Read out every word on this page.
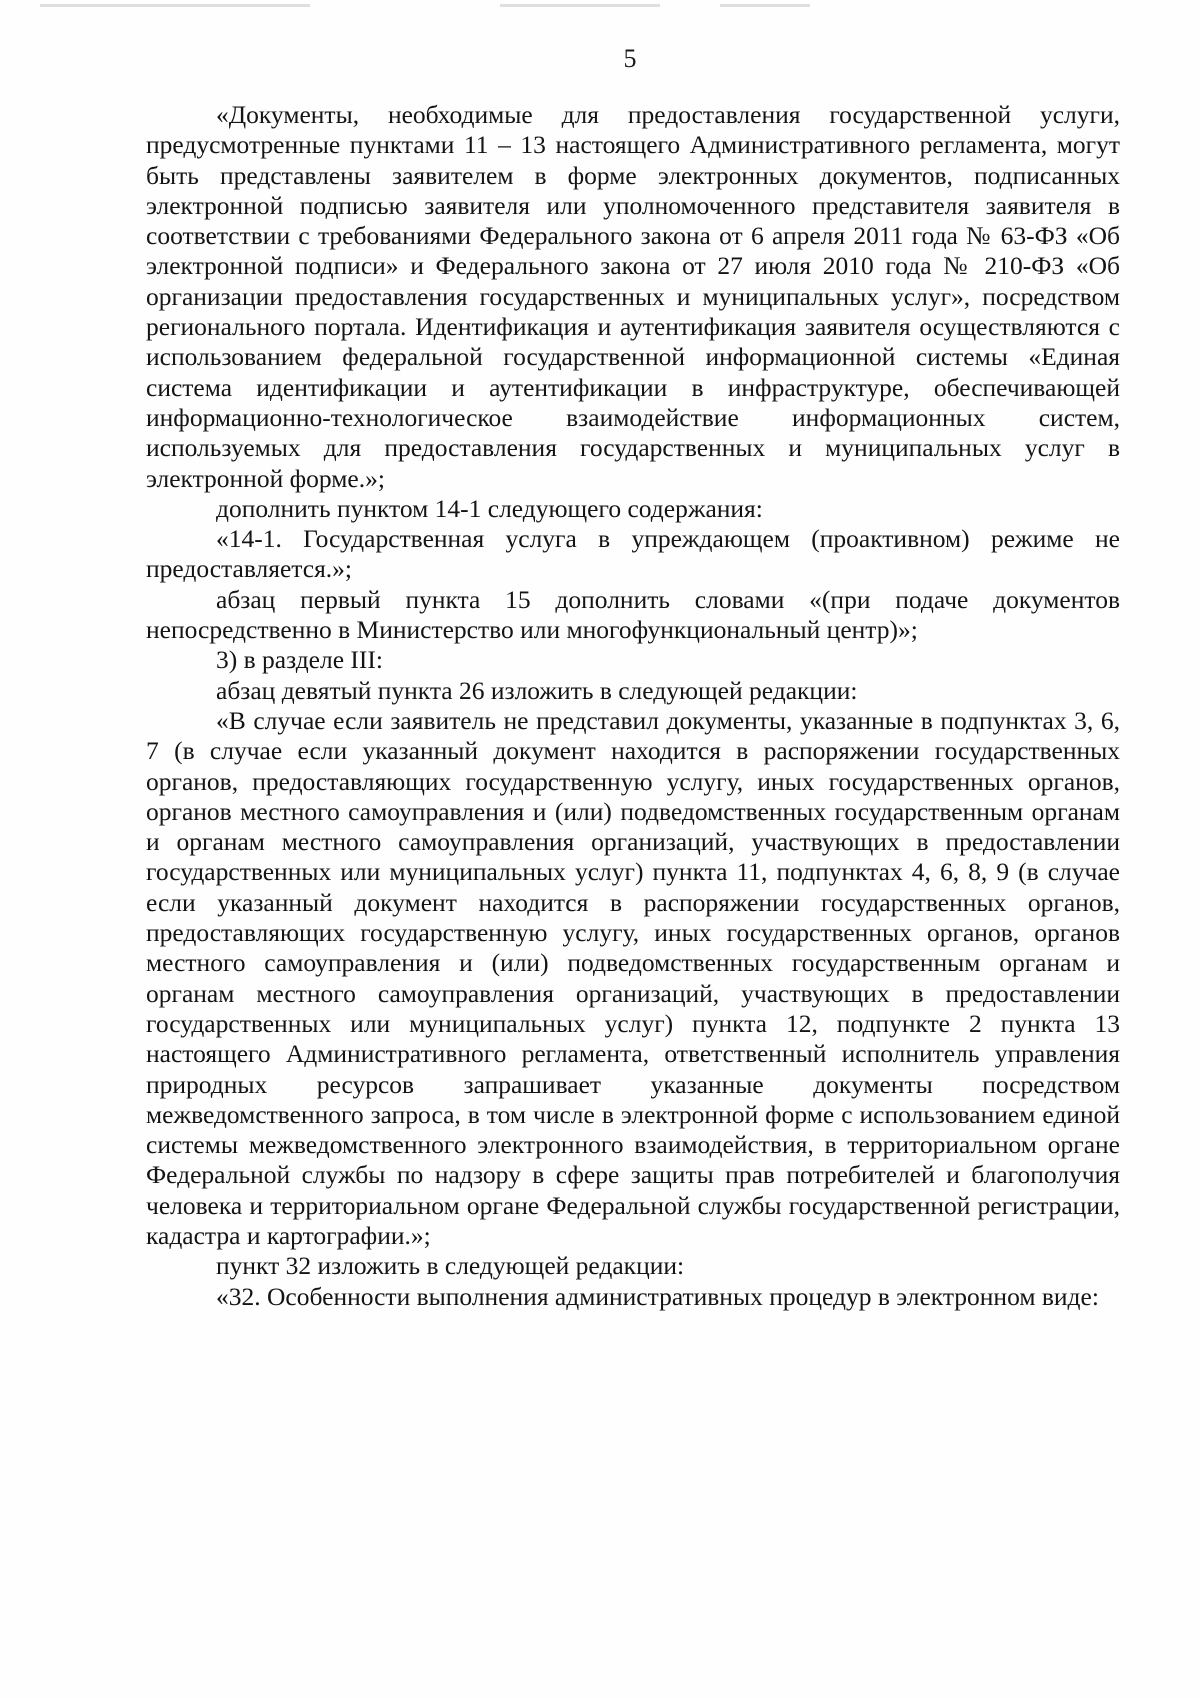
5

«Документы, необходимые для предоставления государственной услуги, предусмотренные пунктами 11 – 13 настоящего Административного регламента, могут быть представлены заявителем в форме электронных документов, подписанных электронной подписью заявителя или уполномоченного представителя заявителя в соответствии с требованиями Федерального закона от 6 апреля 2011 года № 63-ФЗ «Об электронной подписи» и Федерального закона от 27 июля 2010 года № 210-ФЗ «Об организации предоставления государственных и муниципальных услуг», посредством регионального портала. Идентификация и аутентификация заявителя осуществляются с использованием федеральной государственной информационной системы «Единая система идентификации и аутентификации в инфраструктуре, обеспечивающей информационно-технологическое взаимодействие информационных систем, используемых для предоставления государственных и муниципальных услуг в электронной форме.»;

дополнить пунктом 14-1 следующего содержания:

«14-1. Государственная услуга в упреждающем (проактивном) режиме не предоставляется.»;

абзац первый пункта 15 дополнить словами «(при подаче документов непосредственно в Министерство или многофункциональный центр)»;

3) в разделе III:

абзац девятый пункта 26 изложить в следующей редакции:

«В случае если заявитель не представил документы, указанные в подпунктах 3, 6, 7 (в случае если указанный документ находится в распоряжении государственных органов, предоставляющих государственную услугу, иных государственных органов, органов местного самоуправления и (или) подведомственных государственным органам и органам местного самоуправления организаций, участвующих в предоставлении государственных или муниципальных услуг) пункта 11, подпунктах 4, 6, 8, 9 (в случае если указанный документ находится в распоряжении государственных органов, предоставляющих государственную услугу, иных государственных органов, органов местного самоуправления и (или) подведомственных государственным органам и органам местного самоуправления организаций, участвующих в предоставлении государственных или муниципальных услуг) пункта 12, подпункте 2 пункта 13 настоящего Административного регламента, ответственный исполнитель управления природных ресурсов запрашивает указанные документы посредством межведомственного запроса, в том числе в электронной форме с использованием единой системы межведомственного электронного взаимодействия, в территориальном органе Федеральной службы по надзору в сфере защиты прав потребителей и благополучия человека и территориальном органе Федеральной службы государственной регистрации, кадастра и картографии.»;

пункт 32 изложить в следующей редакции:

«32. Особенности выполнения административных процедур в электронном виде:
